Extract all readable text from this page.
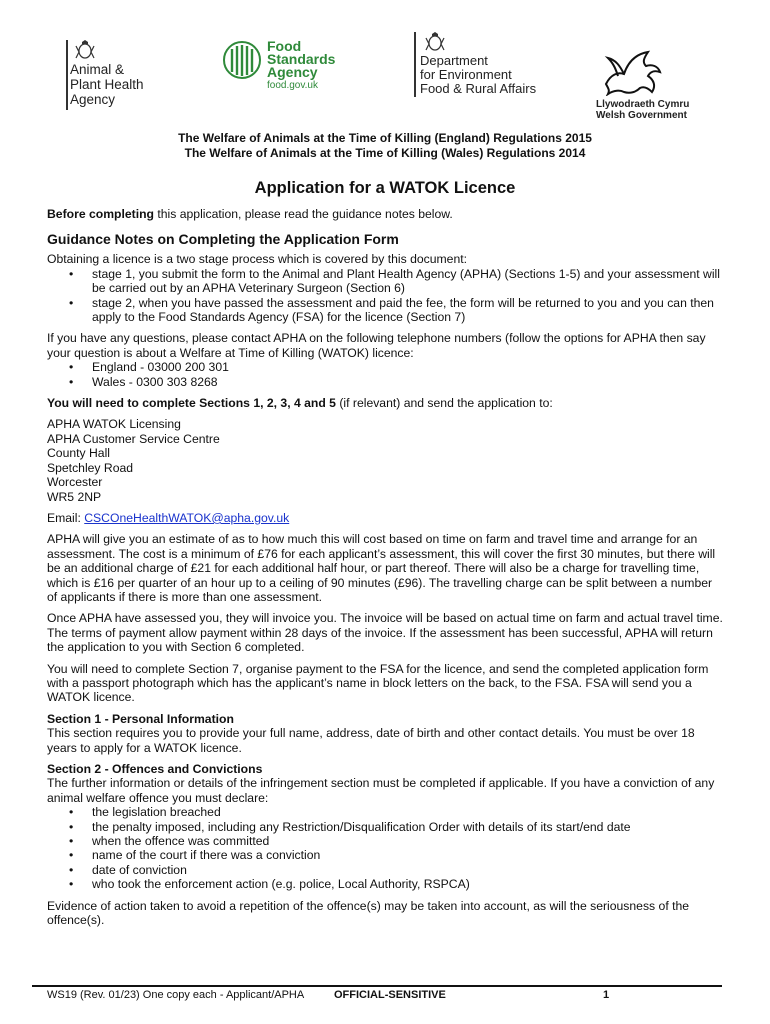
Animal &
Plant Health
Agency
Food
Standards
Agency
food.gov.uk
Department
for Environment
Food & Rural Affairs
Llywodraeth Cymru
Welsh Government

The Welfare of Animals at the Time of Killing (England) Regulations 2015

The Welfare of Animals at the Time of Killing (Wales) Regulations 2014

Application for a WATOK Licence

Before completing this application, please read the guidance notes below.

Guidance Notes on Completing the Application Form

Obtaining a licence is a two stage process which is covered by this document:

• stage 1, you submit the form to the Animal and Plant Health Agency (APHA) (Sections 1-5) and your assessment will be carried out by an APHA Veterinary Surgeon (Section 6)
• stage 2, when you have passed the assessment and paid the fee, the form will be returned to you and you can then apply to the Food Standards Agency (FSA) for the licence (Section 7)

If you have any questions, please contact APHA on the following telephone numbers (follow the options for APHA then say your question is about a Welfare at Time of Killing (WATOK) licence:

• England - 03000 200 301
• Wales - 0300 303 8268

You will need to complete Sections 1, 2, 3, 4 and 5 (if relevant) and send the application to:

APHA WATOK Licensing
APHA Customer Service Centre
County Hall
Spetchley Road
Worcester
WR5 2NP

Email: CSCOneHealthWATOK@apha.gov.uk

APHA will give you an estimate of as to how much this will cost based on time on farm and travel time and arrange for an assessment. The cost is a minimum of £76 for each applicant’s assessment, this will cover the first 30 minutes, but there will be an additional charge of £21 for each additional half hour, or part thereof. There will also be a charge for travelling time, which is £16 per quarter of an hour up to a ceiling of 90 minutes (£96). The travelling charge can be split between a number of applicants if there is more than one assessment.

Once APHA have assessed you, they will invoice you. The invoice will be based on actual time on farm and actual travel time. The terms of payment allow payment within 28 days of the invoice. If the assessment has been successful, APHA will return the application to you with Section 6 completed.

You will need to complete Section 7, organise payment to the FSA for the licence, and send the completed application form with a passport photograph which has the applicant’s name in block letters on the back, to the FSA. FSA will send you a WATOK licence.

Section 1 - Personal Information

This section requires you to provide your full name, address, date of birth and other contact details. You must be over 18 years to apply for a WATOK licence.

Section 2 - Offences and Convictions

The further information or details of the infringement section must be completed if applicable. If you have a conviction of any animal welfare offence you must declare:

• the legislation breached
• the penalty imposed, including any Restriction/Disqualification Order with details of its start/end date
• when the offence was committed
• name of the court if there was a conviction
• date of conviction
• who took the enforcement action (e.g. police, Local Authority, RSPCA)

Evidence of action taken to avoid a repetition of the offence(s) may be taken into account, as will the seriousness of the offence(s).

WS19 (Rev. 01/23) One copy each - Applicant/APHA	OFFICIAL-SENSITIVE	1
